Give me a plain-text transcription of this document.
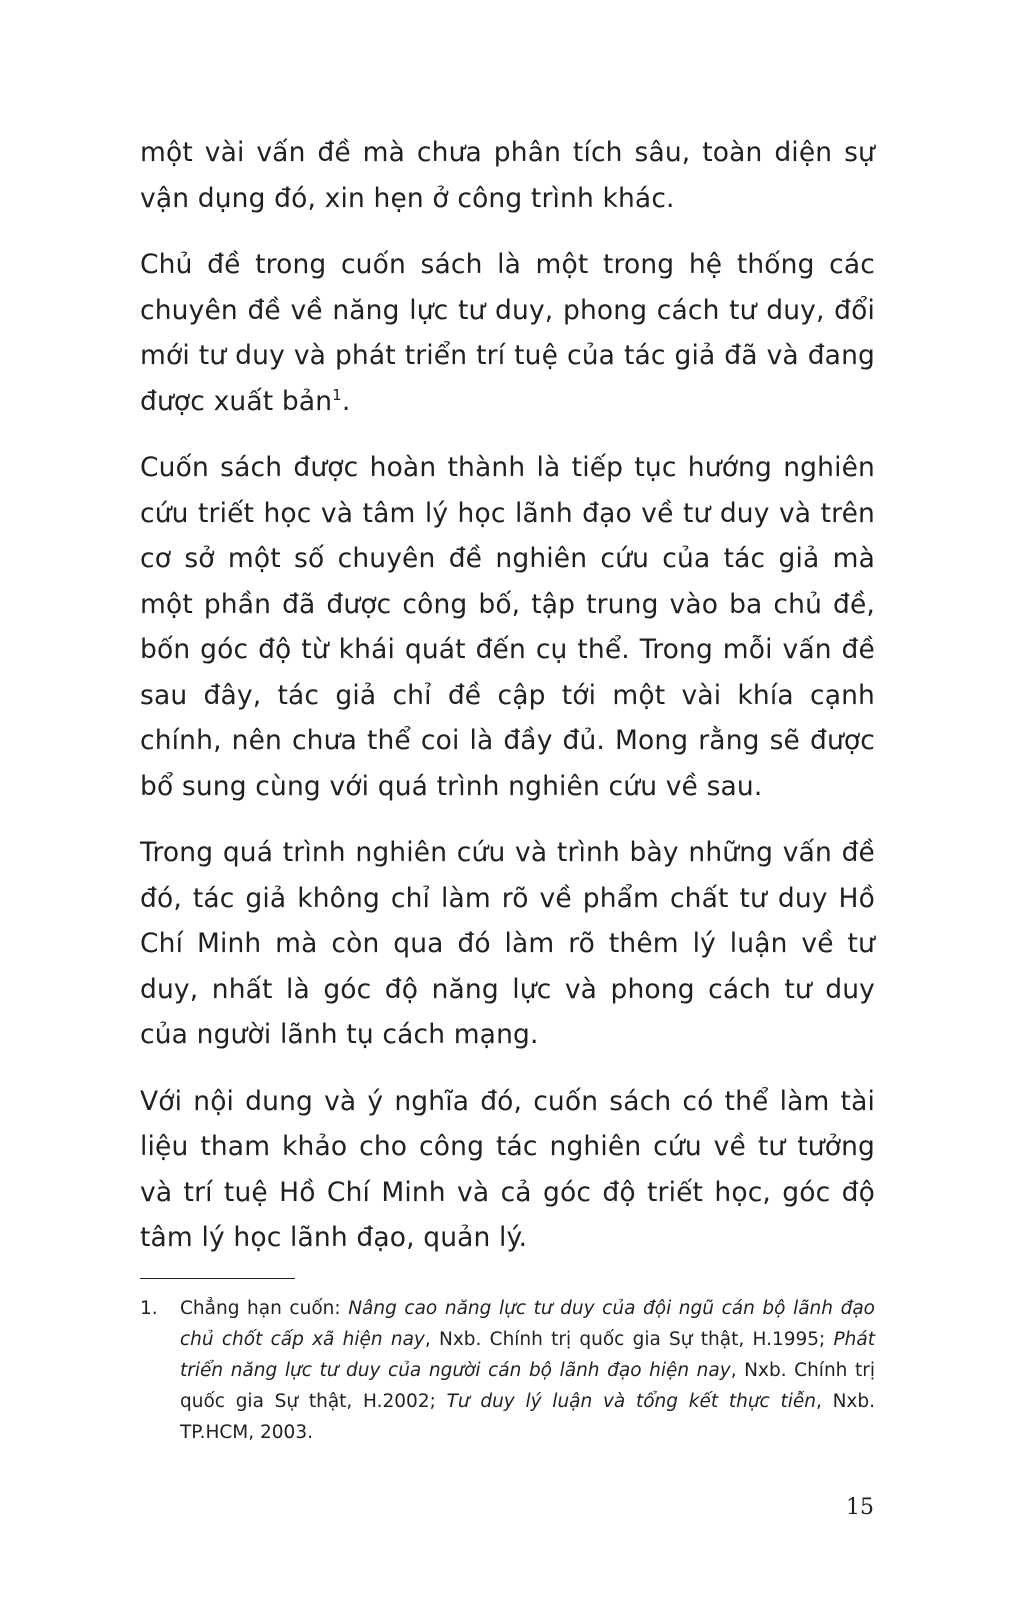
một vài vấn đề mà chưa phân tích sâu, toàn diện sự vận dụng đó, xin hẹn ở công trình khác.

Chủ đề trong cuốn sách là một trong hệ thống các chuyên đề về năng lực tư duy, phong cách tư duy, đổi mới tư duy và phát triển trí tuệ của tác giả đã và đang được xuất bản$^1$.

Cuốn sách được hoàn thành là tiếp tục hướng nghiên cứu triết học và tâm lý học lãnh đạo về tư duy và trên cơ sở một số chuyên đề nghiên cứu của tác giả mà một phần đã được công bố, tập trung vào ba chủ đề, bốn góc độ từ khái quát đến cụ thể. Trong mỗi vấn đề sau đây, tác giả chỉ đề cập tới một vài khía cạnh chính, nên chưa thể coi là đầy đủ. Mong rằng sẽ được bổ sung cùng với quá trình nghiên cứu về sau.

Trong quá trình nghiên cứu và trình bày những vấn đề đó, tác giả không chỉ làm rõ về phẩm chất tư duy Hồ Chí Minh mà còn qua đó làm rõ thêm lý luận về tư duy, nhất là góc độ năng lực và phong cách tư duy của người lãnh tụ cách mạng.

Với nội dung và ý nghĩa đó, cuốn sách có thể làm tài liệu tham khảo cho công tác nghiên cứu về tư tưởng và trí tuệ Hồ Chí Minh và cả góc độ triết học, góc độ tâm lý học lãnh đạo, quản lý.

1.	Chẳng hạn cuốn: Nâng cao năng lực tư duy của đội ngũ cán bộ lãnh đạo chủ chốt cấp xã hiện nay, Nxb. Chính trị quốc gia Sự thật, H.1995; Phát triển năng lực tư duy của người cán bộ lãnh đạo hiện nay, Nxb. Chính trị quốc gia Sự thật, H.2002; Tư duy lý luận và tổng kết thực tiễn, Nxb. TP.HCM, 2003.
15
